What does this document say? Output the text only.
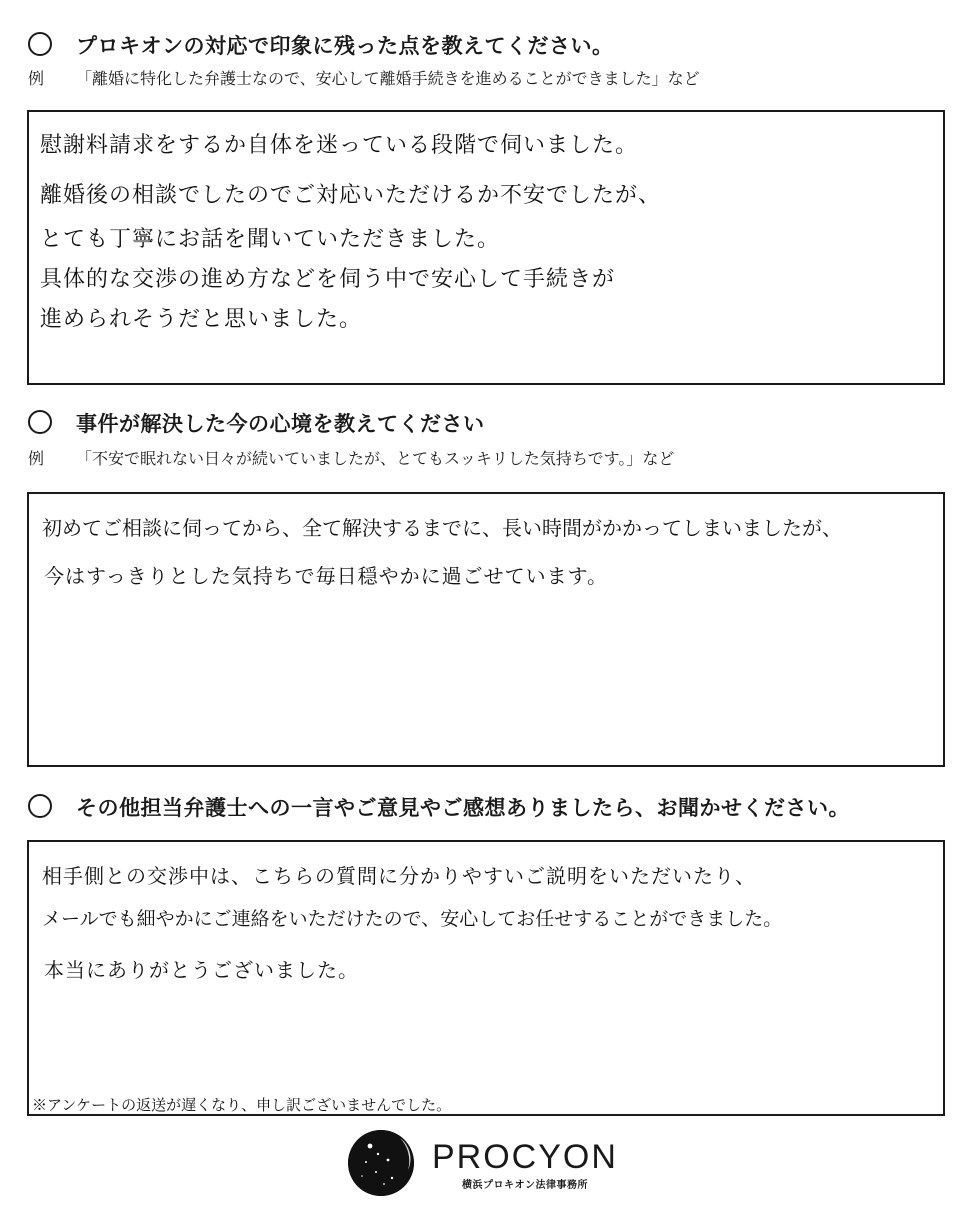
プロキオンの対応で印象に残った点を教えてください。
例 「離婚に特化した弁護士なので、安心して離婚手続きを進めることができました」など
慰謝料請求をするか自体を迷っている段階で伺いました。
離婚後の相談でしたのでご対応いただけるか不安でしたが、
とても丁寧にお話を聞いていただきました。
具体的な交渉の進め方などを伺う中で安心して手続きが
進められそうだと思いました。
事件が解決した今の心境を教えてください
例 「不安で眠れない日々が続いていましたが、とてもスッキリした気持ちです。」など
初めてご相談に伺ってから、全て解決するまでに、長い時間がかかってしまいましたが、
今はすっきりとした気持ちで毎日穏やかに過ごせています。
その他担当弁護士への一言やご意見やご感想ありましたら、お聞かせください。
相手側との交渉中は、こちらの質問に分かりやすいご説明をいただいたり、
メールでも細やかにご連絡をいただけたので、安心してお任せすることができました。
本当にありがとうございました。
※アンケートの返送が遅くなり、申し訳ございませんでした。
PROCYON
横浜プロキオン法律事務所
